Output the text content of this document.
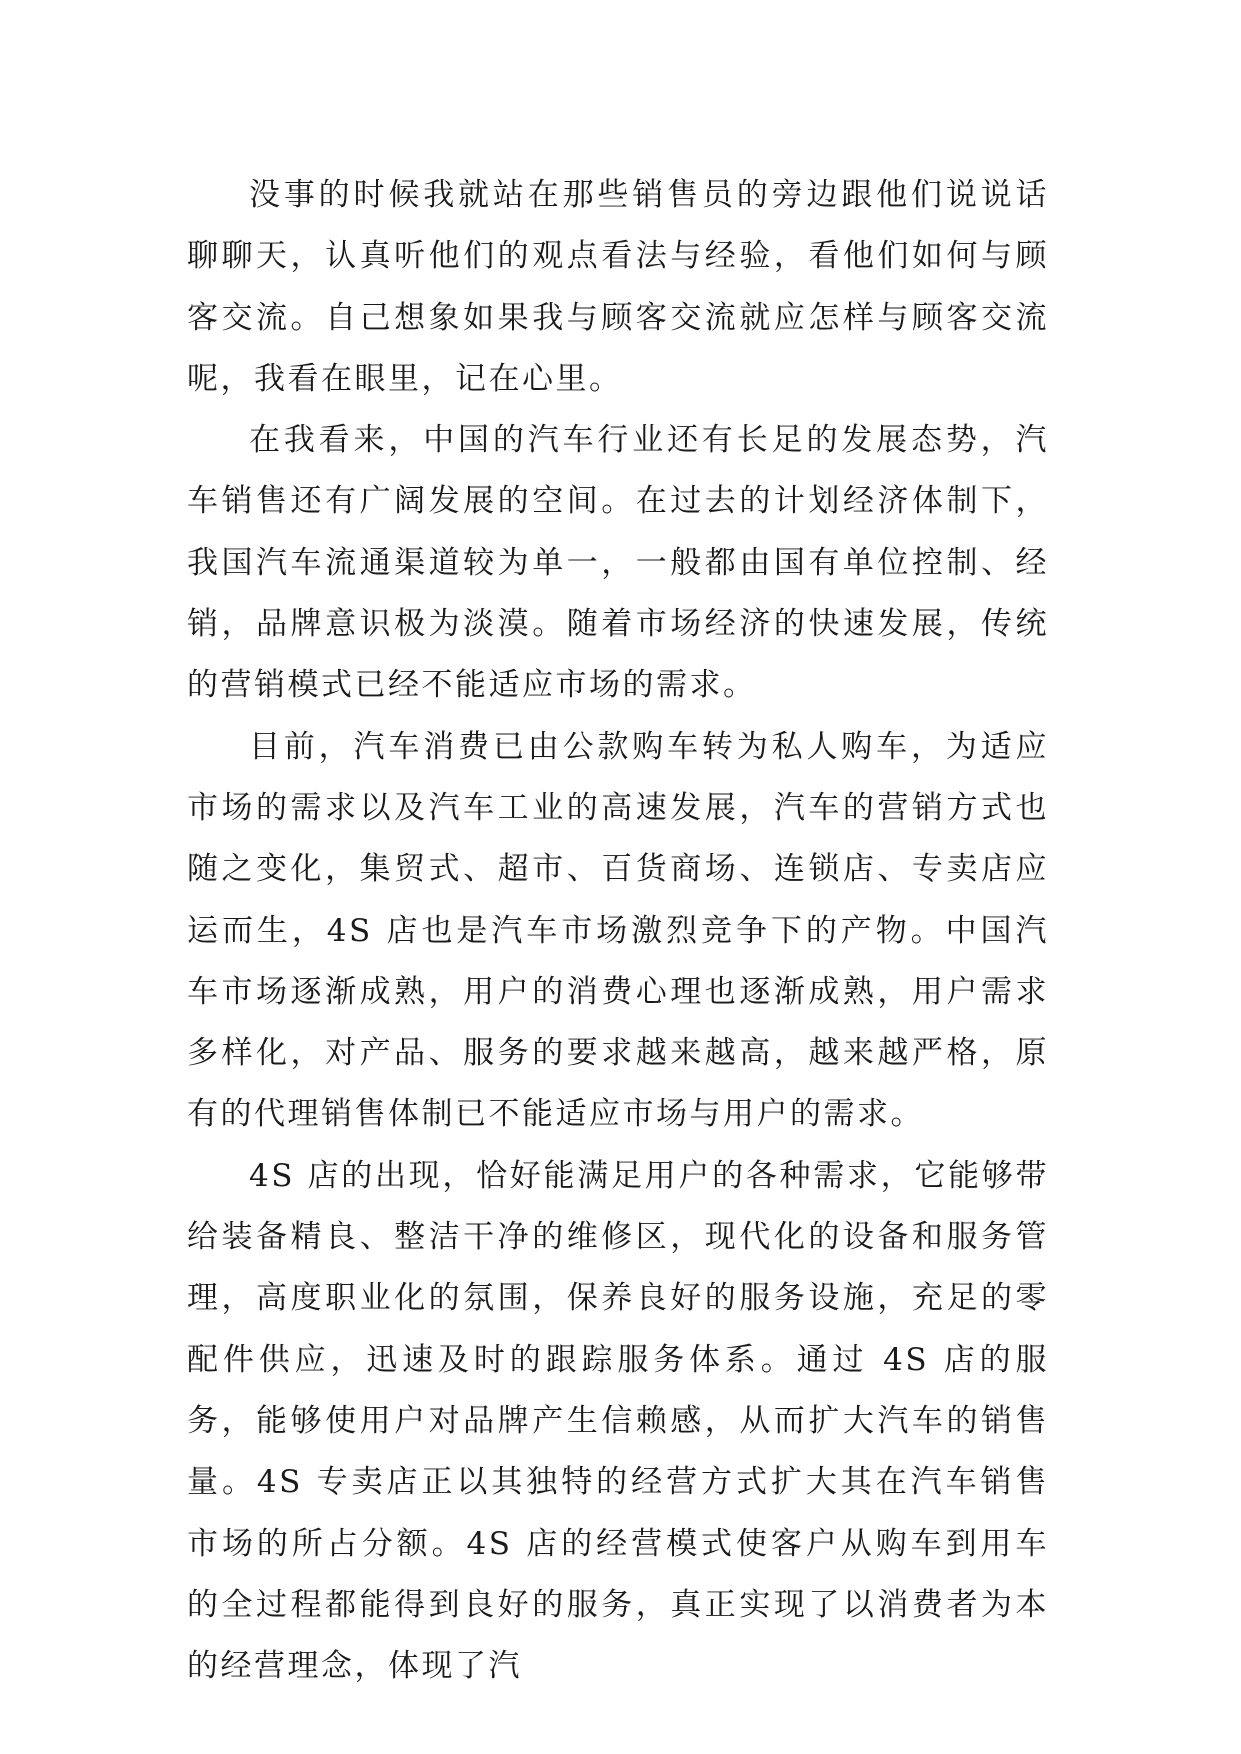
没事的时候我就站在那些销售员的旁边跟他们说说话聊聊天，认真听他们的观点看法与经验，看他们如何与顾客交流。自己想象如果我与顾客交流就应怎样与顾客交流呢，我看在眼里，记在心里。

在我看来，中国的汽车行业还有长足的发展态势，汽车销售还有广阔发展的空间。在过去的计划经济体制下，我国汽车流通渠道较为单一，一般都由国有单位控制、经销，品牌意识极为淡漠。随着市场经济的快速发展，传统的营销模式已经不能适应市场的需求。

目前，汽车消费已由公款购车转为私人购车，为适应市场的需求以及汽车工业的高速发展，汽车的营销方式也随之变化，集贸式、超市、百货商场、连锁店、专卖店应运而生，4S 店也是汽车市场激烈竞争下的产物。中国汽车市场逐渐成熟，用户的消费心理也逐渐成熟，用户需求多样化，对产品、服务的要求越来越高，越来越严格，原有的代理销售体制已不能适应市场与用户的需求。

4S 店的出现，恰好能满足用户的各种需求，它能够带给装备精良、整洁干净的维修区，现代化的设备和服务管理，高度职业化的氛围，保养良好的服务设施，充足的零配件供应，迅速及时的跟踪服务体系。通过 4S 店的服务，能够使用户对品牌产生信赖感，从而扩大汽车的销售量。4S 专卖店正以其独特的经营方式扩大其在汽车销售市场的所占分额。4S 店的经营模式使客户从购车到用车的全过程都能得到良好的服务，真正实现了以消费者为本的经营理念，体现了汽
